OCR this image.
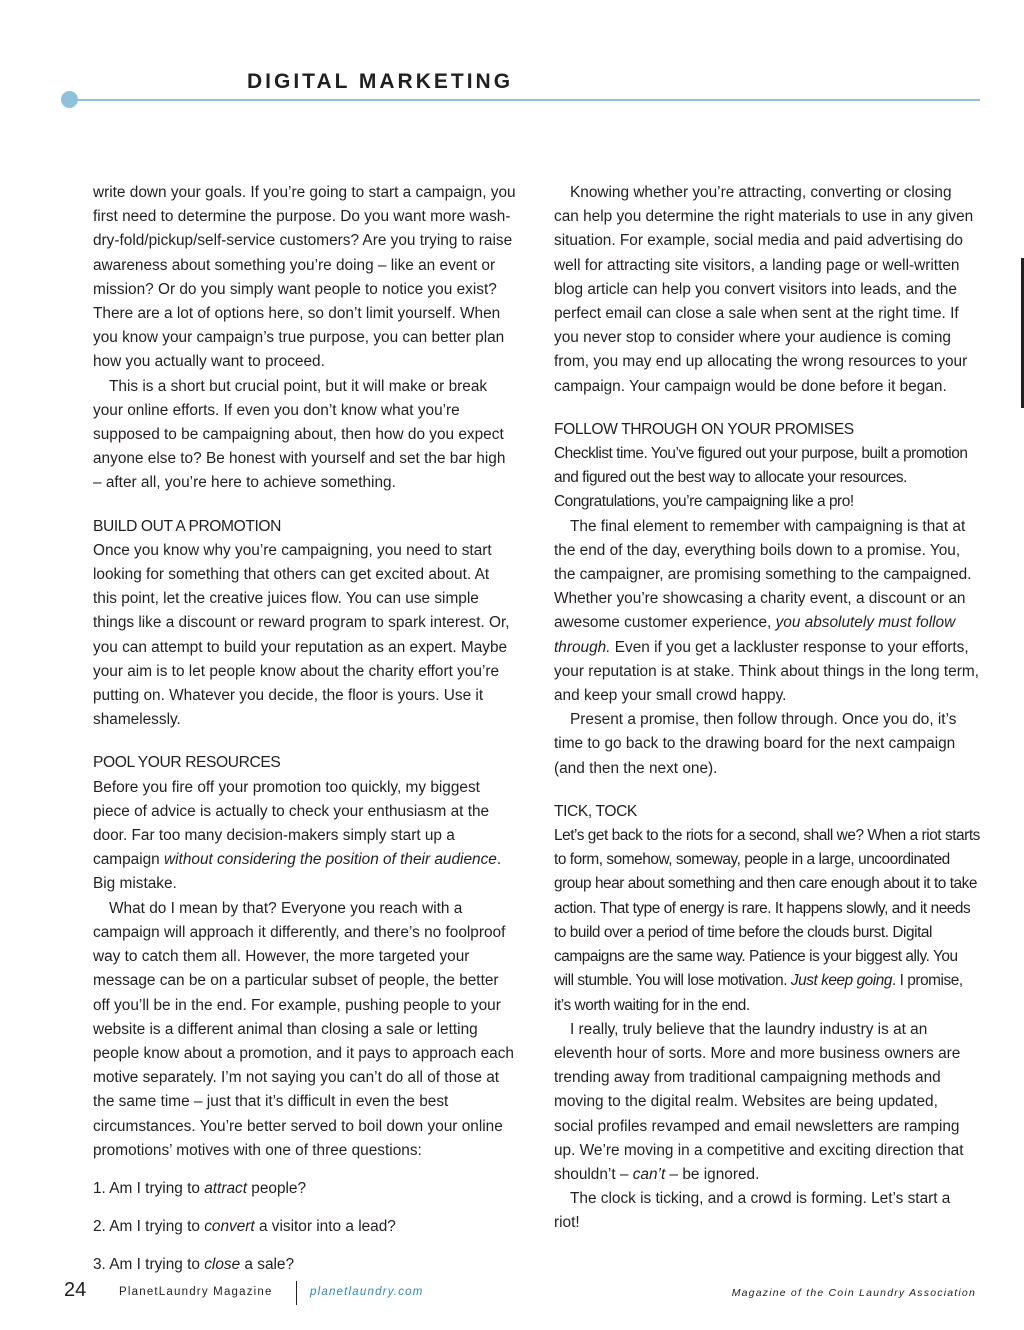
DIGITAL MARKETING

write down your goals. If you’re going to start a campaign, you first need to determine the purpose. Do you want more wash-dry-fold/pickup/self-service customers? Are you trying to raise awareness about something you’re doing – like an event or mission? Or do you simply want people to notice you exist? There are a lot of options here, so don’t limit yourself. When you know your campaign’s true purpose, you can better plan how you actually want to proceed.

This is a short but crucial point, but it will make or break your online efforts. If even you don’t know what you’re supposed to be campaigning about, then how do you expect anyone else to? Be honest with yourself and set the bar high – after all, you’re here to achieve something.

BUILD OUT A PROMOTION

Once you know why you’re campaigning, you need to start looking for something that others can get excited about. At this point, let the creative juices flow. You can use simple things like a discount or reward program to spark interest. Or, you can attempt to build your reputation as an expert. Maybe your aim is to let people know about the charity effort you’re putting on. Whatever you decide, the floor is yours. Use it shamelessly.

POOL YOUR RESOURCES

Before you fire off your promotion too quickly, my biggest piece of advice is actually to check your enthusiasm at the door. Far too many decision-makers simply start up a campaign without considering the position of their audience. Big mistake.

What do I mean by that? Everyone you reach with a campaign will approach it differently, and there’s no foolproof way to catch them all. However, the more targeted your message can be on a particular subset of people, the better off you’ll be in the end. For example, pushing people to your website is a different animal than closing a sale or letting people know about a promotion, and it pays to approach each motive separately. I’m not saying you can’t do all of those at the same time – just that it’s difficult in even the best circumstances. You’re better served to boil down your online promotions’ motives with one of three questions:

1. Am I trying to attract people?

2. Am I trying to convert a visitor into a lead?

3. Am I trying to close a sale?

Knowing whether you’re attracting, converting or closing can help you determine the right materials to use in any given situation. For example, social media and paid advertising do well for attracting site visitors, a landing page or well-written blog article can help you convert visitors into leads, and the perfect email can close a sale when sent at the right time. If you never stop to consider where your audience is coming from, you may end up allocating the wrong resources to your campaign. Your campaign would be done before it began.

FOLLOW THROUGH ON YOUR PROMISES

Checklist time. You’ve figured out your purpose, built a promotion and figured out the best way to allocate your resources. Congratulations, you’re campaigning like a pro!

The final element to remember with campaigning is that at the end of the day, everything boils down to a promise. You, the campaigner, are promising something to the campaigned. Whether you’re showcasing a charity event, a discount or an awesome customer experience, you absolutely must follow through. Even if you get a lackluster response to your efforts, your reputation is at stake. Think about things in the long term, and keep your small crowd happy.

Present a promise, then follow through. Once you do, it’s time to go back to the drawing board for the next campaign (and then the next one).

TICK, TOCK

Let’s get back to the riots for a second, shall we? When a riot starts to form, somehow, someway, people in a large, uncoordinated group hear about something and then care enough about it to take action. That type of energy is rare. It happens slowly, and it needs to build over a period of time before the clouds burst. Digital campaigns are the same way. Patience is your biggest ally. You will stumble. You will lose motivation. Just keep going. I promise, it’s worth waiting for in the end.

I really, truly believe that the laundry industry is at an eleventh hour of sorts. More and more business owners are trending away from traditional campaigning methods and moving to the digital realm. Websites are being updated, social profiles revamped and email newsletters are ramping up. We’re moving in a competitive and exciting direction that shouldn’t – can’t – be ignored.

The clock is ticking, and a crowd is forming. Let’s start a riot!

24	PlanetLaundry Magazine	planetlaundry.com	Magazine of the Coin Laundry Association
